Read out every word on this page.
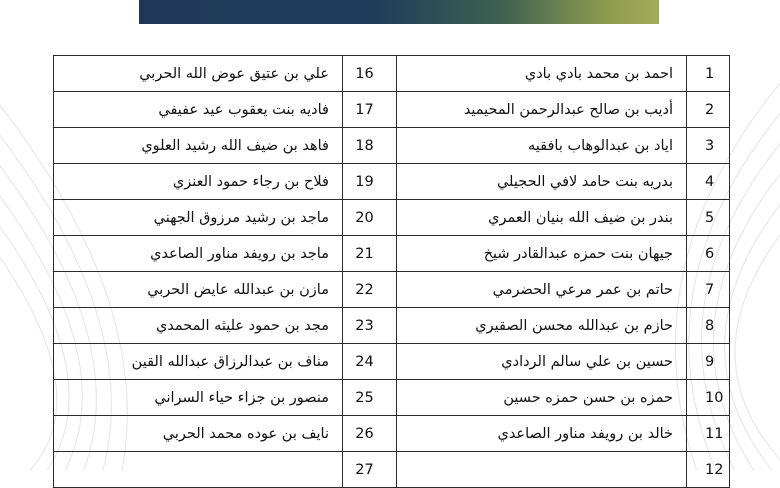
علي بن عتيق عوض الله الحربي	16	احمد بن محمد بادي بادي	1
فاديه بنت يعقوب عيد عفيفي	17	أديب بن صالح عبدالرحمن المحيميد	2
فاهد بن ضيف الله رشيد العلوي	18	اياد بن عبدالوهاب بافقيه	3
فلاح بن رجاء حمود العنزي	19	بدريه بنت حامد لافي الحجيلي	4
ماجد بن رشيد مرزوق الجهني	20	بندر بن ضيف الله بنيان العمري	5
ماجد بن رويفد مناور الصاعدي	21	جيهان بنت حمزه عبدالقادر شيخ	6
مازن بن عبدالله عايض الحربي	22	حاتم بن عمر مرعي الحضرمي	7
مجد بن حمود عليثه المحمدي	23	حازم بن عبدالله محسن الصقيري	8
مناف بن عبدالرزاق عبدالله القين	24	حسين بن علي سالم الردادي	9
منصور بن جزاء حياء السراني	25	حمزه بن حسن حمزه حسين	10
نايف بن عوده محمد الحربي	26	خالد بن رويفد مناور الصاعدي	11
	27		12
